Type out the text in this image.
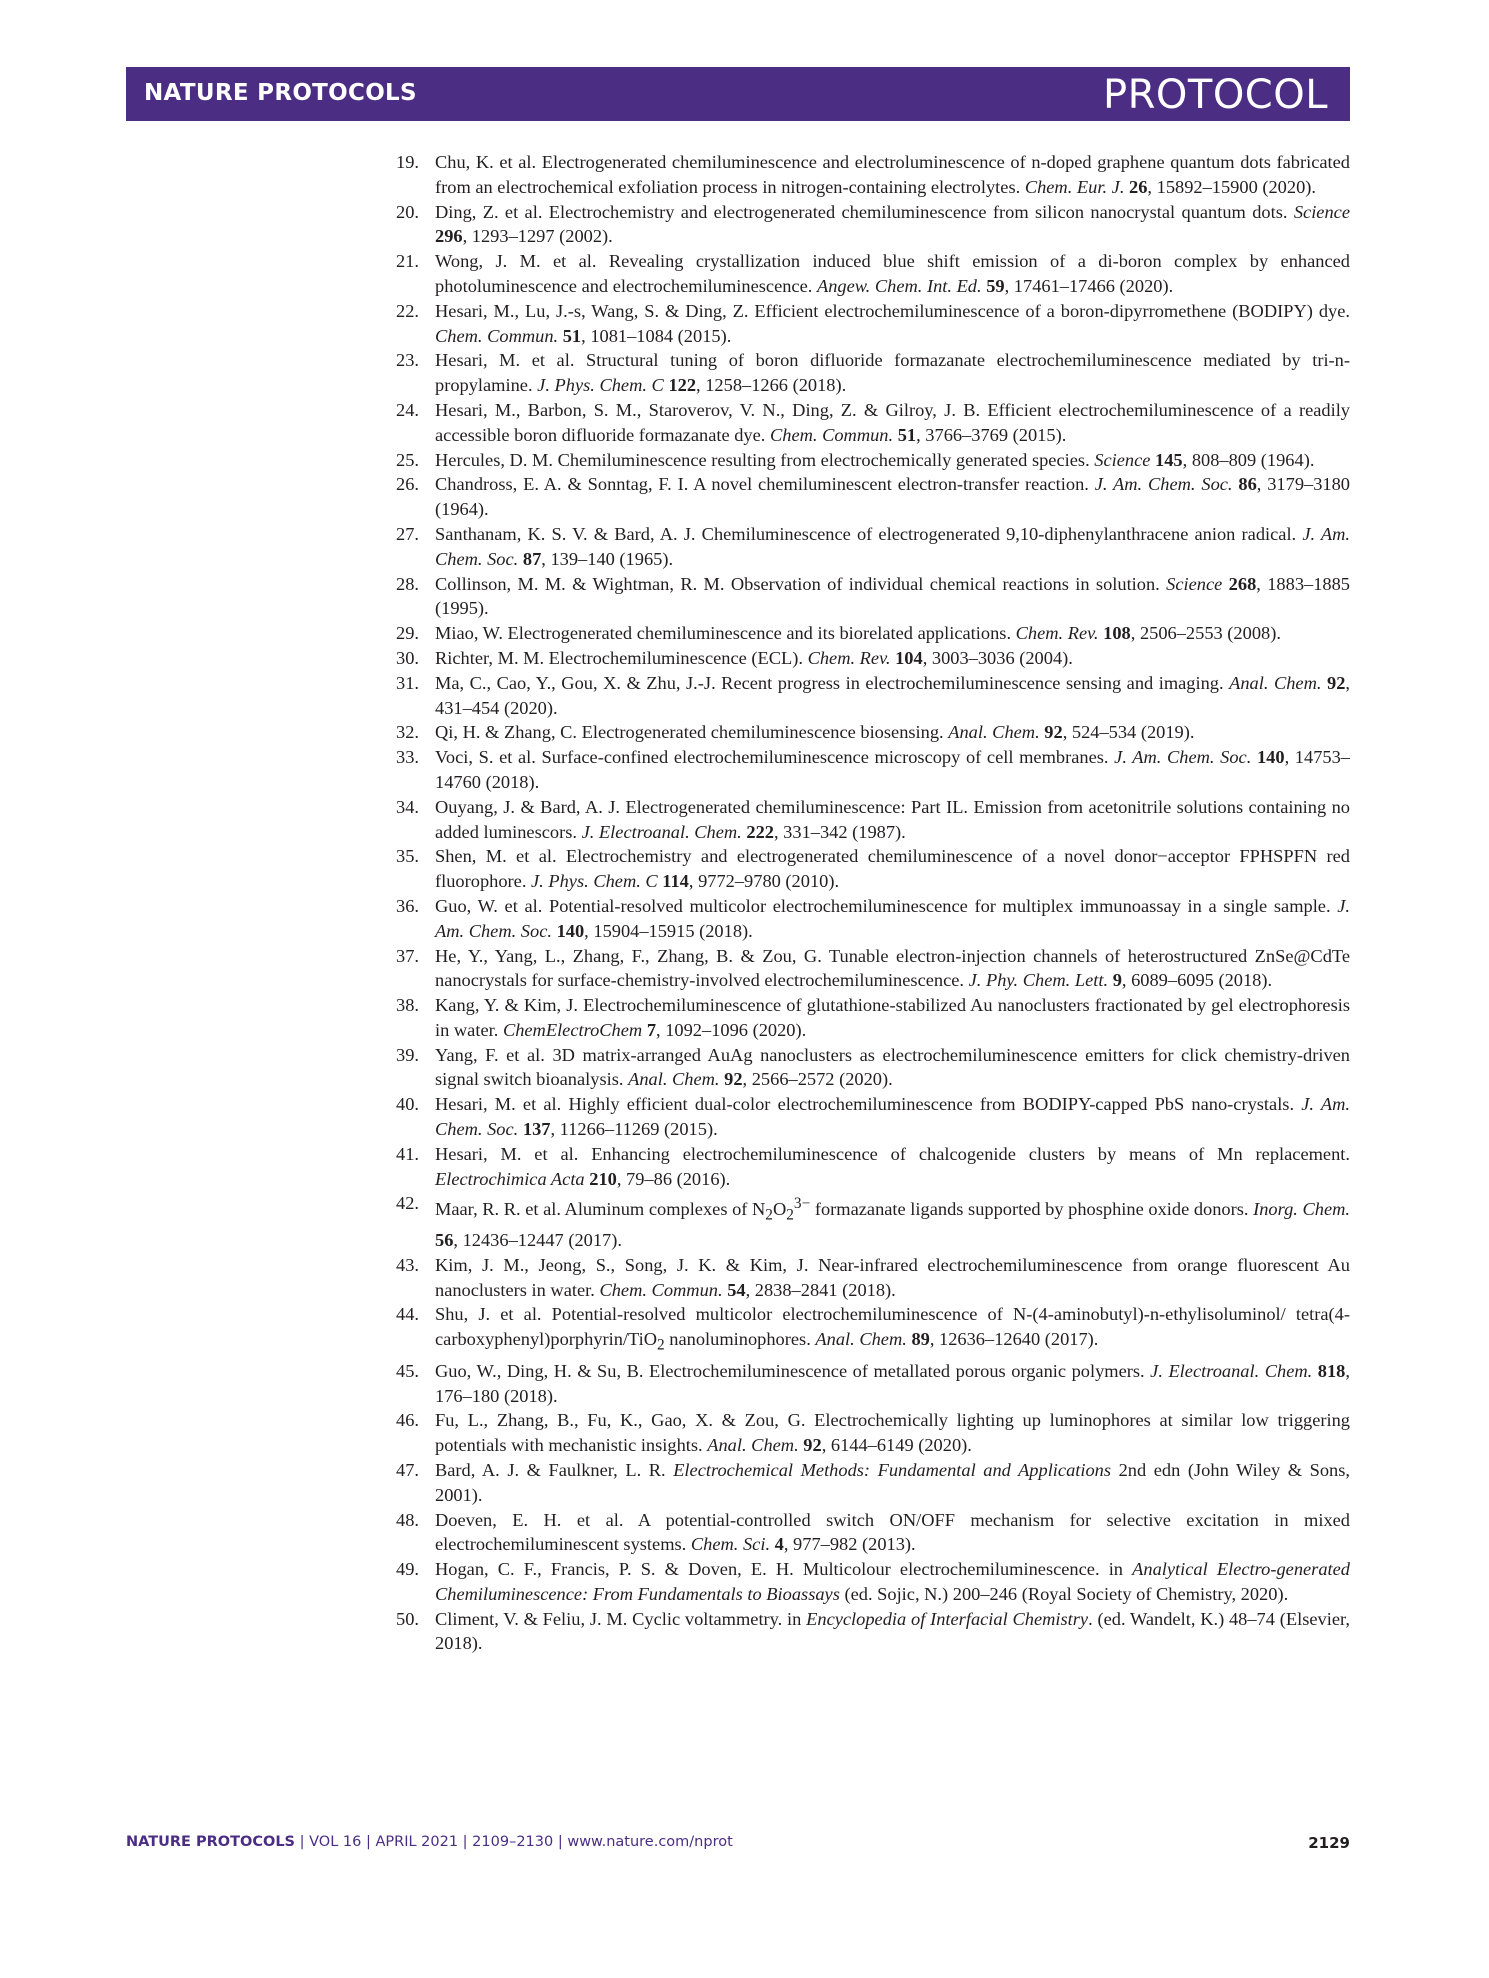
NATURE PROTOCOLS	PROTOCOL
19. Chu, K. et al. Electrogenerated chemiluminescence and electroluminescence of n-doped graphene quantum dots fabricated from an electrochemical exfoliation process in nitrogen-containing electrolytes. Chem. Eur. J. 26, 15892–15900 (2020).
20. Ding, Z. et al. Electrochemistry and electrogenerated chemiluminescence from silicon nanocrystal quantum dots. Science 296, 1293–1297 (2002).
21. Wong, J. M. et al. Revealing crystallization induced blue shift emission of a di-boron complex by enhanced photoluminescence and electrochemiluminescence. Angew. Chem. Int. Ed. 59, 17461–17466 (2020).
22. Hesari, M., Lu, J.-s, Wang, S. & Ding, Z. Efficient electrochemiluminescence of a boron-dipyrromethene (BODIPY) dye. Chem. Commun. 51, 1081–1084 (2015).
23. Hesari, M. et al. Structural tuning of boron difluoride formazanate electrochemiluminescence mediated by tri-n-propylamine. J. Phys. Chem. C 122, 1258–1266 (2018).
24. Hesari, M., Barbon, S. M., Staroverov, V. N., Ding, Z. & Gilroy, J. B. Efficient electrochemiluminescence of a readily accessible boron difluoride formazanate dye. Chem. Commun. 51, 3766–3769 (2015).
25. Hercules, D. M. Chemiluminescence resulting from electrochemically generated species. Science 145, 808–809 (1964).
26. Chandross, E. A. & Sonntag, F. I. A novel chemiluminescent electron-transfer reaction. J. Am. Chem. Soc. 86, 3179–3180 (1964).
27. Santhanam, K. S. V. & Bard, A. J. Chemiluminescence of electrogenerated 9,10-diphenylanthracene anion radical. J. Am. Chem. Soc. 87, 139–140 (1965).
28. Collinson, M. M. & Wightman, R. M. Observation of individual chemical reactions in solution. Science 268, 1883–1885 (1995).
29. Miao, W. Electrogenerated chemiluminescence and its biorelated applications. Chem. Rev. 108, 2506–2553 (2008).
30. Richter, M. M. Electrochemiluminescence (ECL). Chem. Rev. 104, 3003–3036 (2004).
31. Ma, C., Cao, Y., Gou, X. & Zhu, J.-J. Recent progress in electrochemiluminescence sensing and imaging. Anal. Chem. 92, 431–454 (2020).
32. Qi, H. & Zhang, C. Electrogenerated chemiluminescence biosensing. Anal. Chem. 92, 524–534 (2019).
33. Voci, S. et al. Surface-confined electrochemiluminescence microscopy of cell membranes. J. Am. Chem. Soc. 140, 14753–14760 (2018).
34. Ouyang, J. & Bard, A. J. Electrogenerated chemiluminescence: Part IL. Emission from acetonitrile solutions containing no added luminescors. J. Electroanal. Chem. 222, 331–342 (1987).
35. Shen, M. et al. Electrochemistry and electrogenerated chemiluminescence of a novel donor−acceptor FPHSPFN red fluorophore. J. Phys. Chem. C 114, 9772–9780 (2010).
36. Guo, W. et al. Potential-resolved multicolor electrochemiluminescence for multiplex immunoassay in a single sample. J. Am. Chem. Soc. 140, 15904–15915 (2018).
37. He, Y., Yang, L., Zhang, F., Zhang, B. & Zou, G. Tunable electron-injection channels of heterostructured ZnSe@CdTe nanocrystals for surface-chemistry-involved electrochemiluminescence. J. Phy. Chem. Lett. 9, 6089–6095 (2018).
38. Kang, Y. & Kim, J. Electrochemiluminescence of glutathione-stabilized Au nanoclusters fractionated by gel electrophoresis in water. ChemElectroChem 7, 1092–1096 (2020).
39. Yang, F. et al. 3D matrix-arranged AuAg nanoclusters as electrochemiluminescence emitters for click chemistry-driven signal switch bioanalysis. Anal. Chem. 92, 2566–2572 (2020).
40. Hesari, M. et al. Highly efficient dual-color electrochemiluminescence from BODIPY-capped PbS nano-crystals. J. Am. Chem. Soc. 137, 11266–11269 (2015).
41. Hesari, M. et al. Enhancing electrochemiluminescence of chalcogenide clusters by means of Mn replacement. Electrochimica Acta 210, 79–86 (2016).
42. Maar, R. R. et al. Aluminum complexes of $N_2O_2^{3-}$ formazanate ligands supported by phosphine oxide donors. Inorg. Chem. 56, 12436–12447 (2017).
43. Kim, J. M., Jeong, S., Song, J. K. & Kim, J. Near-infrared electrochemiluminescence from orange fluorescent Au nanoclusters in water. Chem. Commun. 54, 2838–2841 (2018).
44. Shu, J. et al. Potential-resolved multicolor electrochemiluminescence of N-(4-aminobutyl)-n-ethylisoluminol/ tetra(4-carboxyphenyl)porphyrin/TiO$_2$ nanoluminophores. Anal. Chem. 89, 12636–12640 (2017).
45. Guo, W., Ding, H. & Su, B. Electrochemiluminescence of metallated porous organic polymers. J. Electroanal. Chem. 818, 176–180 (2018).
46. Fu, L., Zhang, B., Fu, K., Gao, X. & Zou, G. Electrochemically lighting up luminophores at similar low triggering potentials with mechanistic insights. Anal. Chem. 92, 6144–6149 (2020).
47. Bard, A. J. & Faulkner, L. R. Electrochemical Methods: Fundamental and Applications 2nd edn (John Wiley & Sons, 2001).
48. Doeven, E. H. et al. A potential-controlled switch ON/OFF mechanism for selective excitation in mixed electrochemiluminescent systems. Chem. Sci. 4, 977–982 (2013).
49. Hogan, C. F., Francis, P. S. & Doven, E. H. Multicolour electrochemiluminescence. in Analytical Electro-generated Chemiluminescence: From Fundamentals to Bioassays (ed. Sojic, N.) 200–246 (Royal Society of Chemistry, 2020).
50. Climent, V. & Feliu, J. M. Cyclic voltammetry. in Encyclopedia of Interfacial Chemistry. (ed. Wandelt, K.) 48–74 (Elsevier, 2018).
NATURE PROTOCOLS | VOL 16 | APRIL 2021 | 2109–2130 | www.nature.com/nprot	2129
